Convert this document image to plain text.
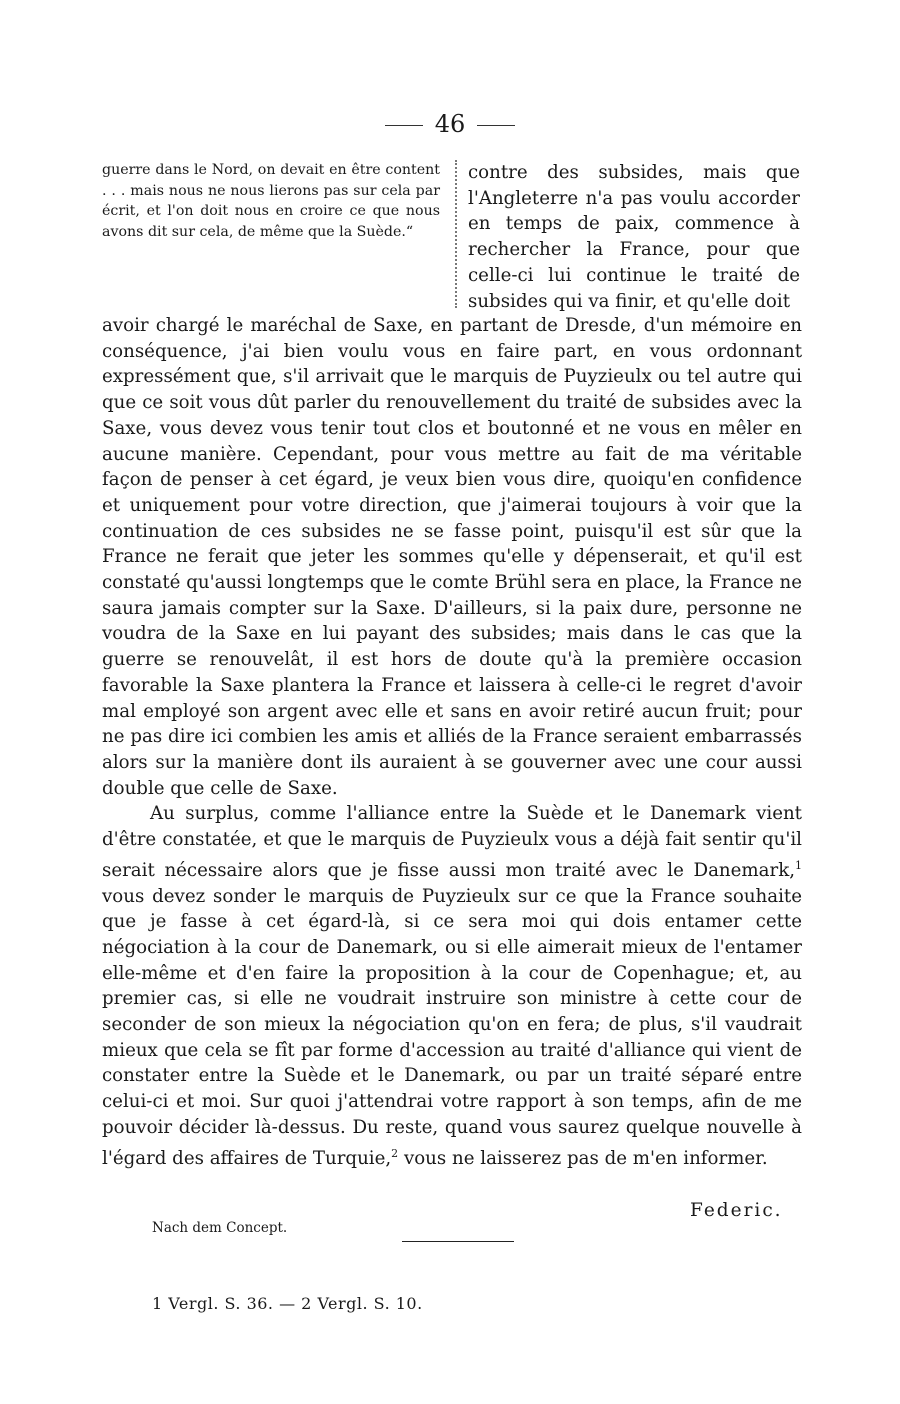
46
guerre dans le Nord, on devait en être content . . . mais nous ne nous lierons pas sur cela par écrit, et l'on doit nous en croire ce que nous avons dit sur cela, de même que la Suède.“
contre des subsides, mais que l'Angleterre n'a pas voulu accorder en temps de paix, commence à rechercher la France, pour que celle-ci lui continue le traité de subsides qui va finir, et qu'elle doit

avoir chargé le maréchal de Saxe, en partant de Dresde, d'un mémoire en conséquence, j'ai bien voulu vous en faire part, en vous ordonnant expressément que, s'il arrivait que le marquis de Puyzieulx ou tel autre qui que ce soit vous dût parler du renouvellement du traité de subsides avec la Saxe, vous devez vous tenir tout clos et boutonné et ne vous en mêler en aucune manière. Cependant, pour vous mettre au fait de ma véritable façon de penser à cet égard, je veux bien vous dire, quoiqu'en confidence et uniquement pour votre direction, que j'aimerai toujours à voir que la continuation de ces subsides ne se fasse point, puisqu'il est sûr que la France ne ferait que jeter les sommes qu'elle y dépenserait, et qu'il est constaté qu'aussi longtemps que le comte Brühl sera en place, la France ne saura jamais compter sur la Saxe. D'ailleurs, si la paix dure, personne ne voudra de la Saxe en lui payant des subsides; mais dans le cas que la guerre se renouvelât, il est hors de doute qu'à la première occasion favorable la Saxe plantera la France et laissera à celle-ci le regret d'avoir mal employé son argent avec elle et sans en avoir retiré aucun fruit; pour ne pas dire ici combien les amis et alliés de la France seraient embarrassés alors sur la manière dont ils auraient à se gouverner avec une cour aussi double que celle de Saxe.

Au surplus, comme l'alliance entre la Suède et le Danemark vient d'être constatée, et que le marquis de Puyzieulx vous a déjà fait sentir qu'il serait nécessaire alors que je fisse aussi mon traité avec le Danemark,$^1$ vous devez sonder le marquis de Puyzieulx sur ce que la France souhaite que je fasse à cet égard-là, si ce sera moi qui dois entamer cette négociation à la cour de Danemark, ou si elle aimerait mieux de l'entamer elle-même et d'en faire la proposition à la cour de Copenhague; et, au premier cas, si elle ne voudrait instruire son ministre à cette cour de seconder de son mieux la négociation qu'on en fera; de plus, s'il vaudrait mieux que cela se fît par forme d'accession au traité d'alliance qui vient de constater entre la Suède et le Danemark, ou par un traité séparé entre celui-ci et moi. Sur quoi j'attendrai votre rapport à son temps, afin de me pouvoir décider là-dessus. Du reste, quand vous saurez quelque nouvelle à l'égard des affaires de Turquie,$^2$ vous ne laisserez pas de m'en informer.

Federic.
Nach dem Concept.
1 Vergl. S. 36. — 2 Vergl. S. 10.
